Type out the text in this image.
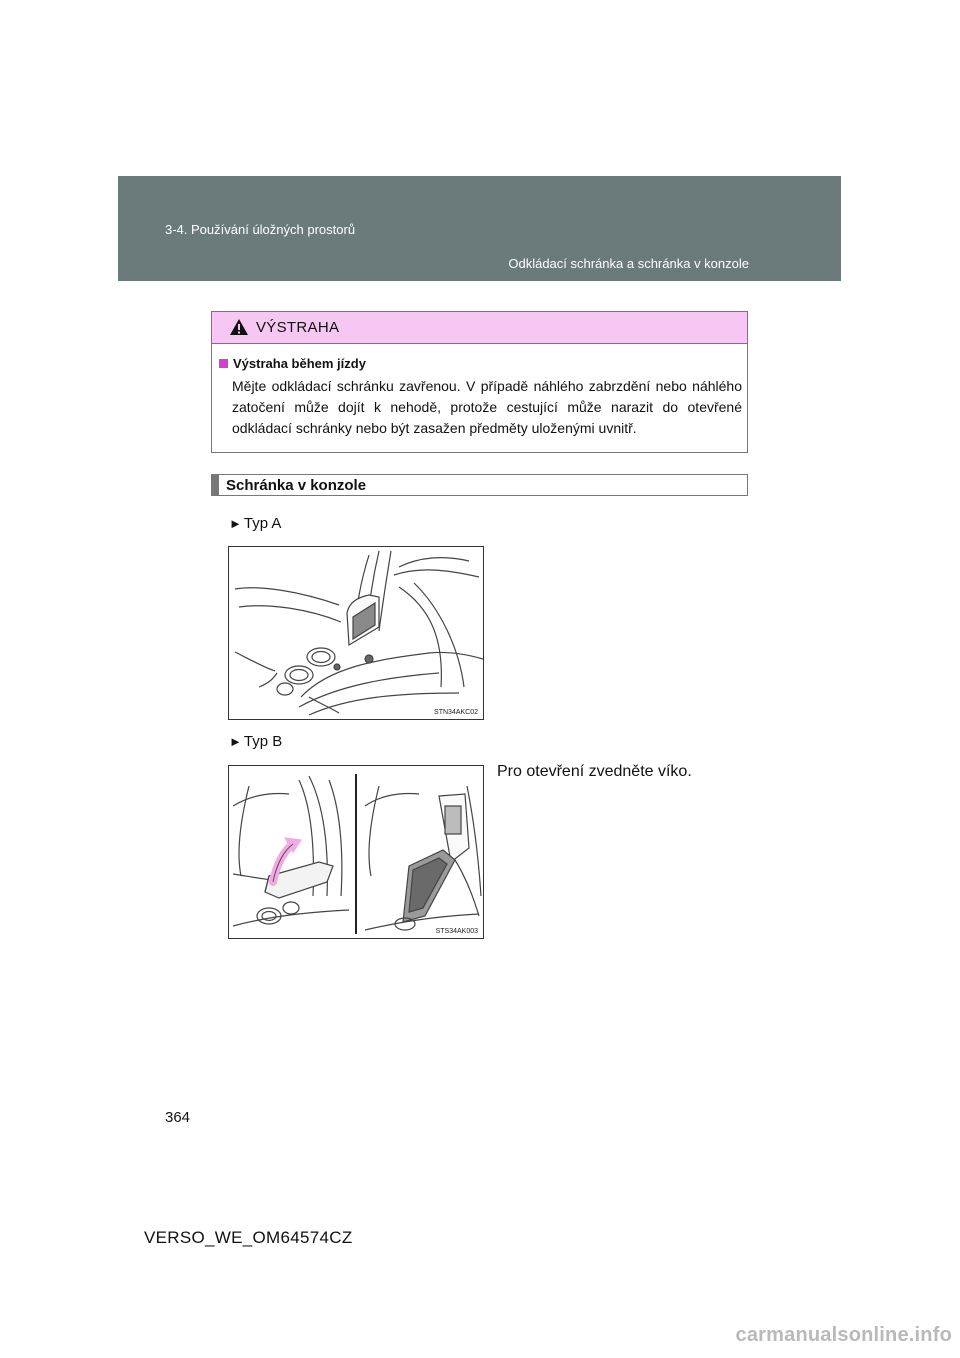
3-4. Používání úložných prostorů
Odkládací schránka a schránka v konzole
VÝSTRAHA
Výstraha během jízdy
Mějte odkládací schránku zavřenou. V případě náhlého zabrzdění nebo náhlého zatočení může dojít k nehodě, protože cestující může narazit do otevřené odkládací schránky nebo být zasažen předměty uloženými uvnitř.
Schránka v konzole
► Typ A
STN34AKC02
► Typ B
Pro otevření zvedněte víko.
STS34AK003
364
VERSO_WE_OM64574CZ
carmanualsonline.info
